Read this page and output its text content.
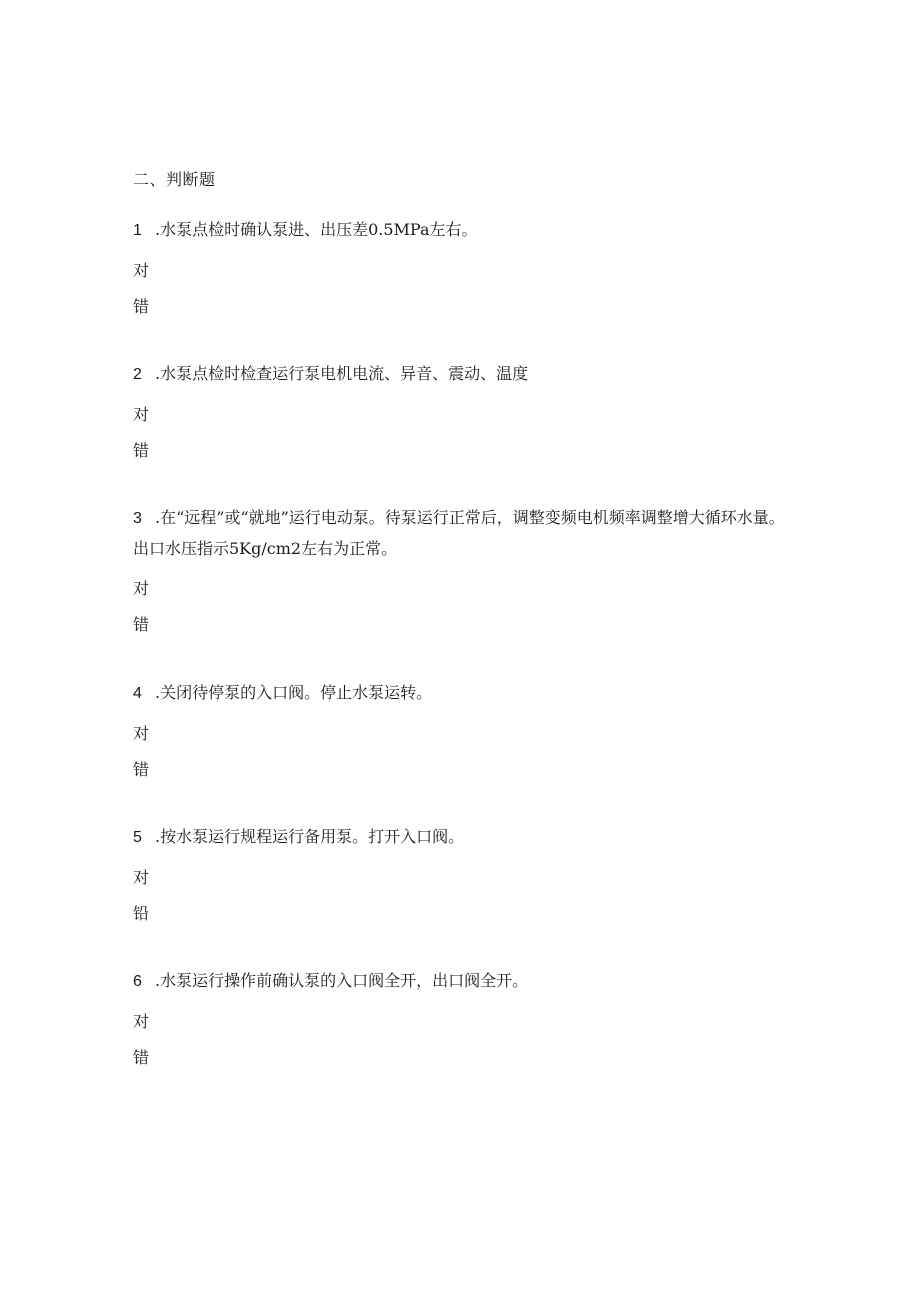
二、判断题

1 .水泵点检时确认泵进、出压差0.5MPa左右。

对
错

2 .水泵点检时检查运行泵电机电流、异音、震动、温度

对
错

3 .在“远程”或“就地”运行电动泵。待泵运行正常后，调整变频电机频率调整增大循环水量。出口水压指示5Kg/cm2左右为正常。

对
错

4 .关闭待停泵的入口阀。停止水泵运转。

对
错

5 .按水泵运行规程运行备用泵。打开入口阀。

对
铅

6 .水泵运行操作前确认泵的入口阀全开，出口阀全开。

对
错
